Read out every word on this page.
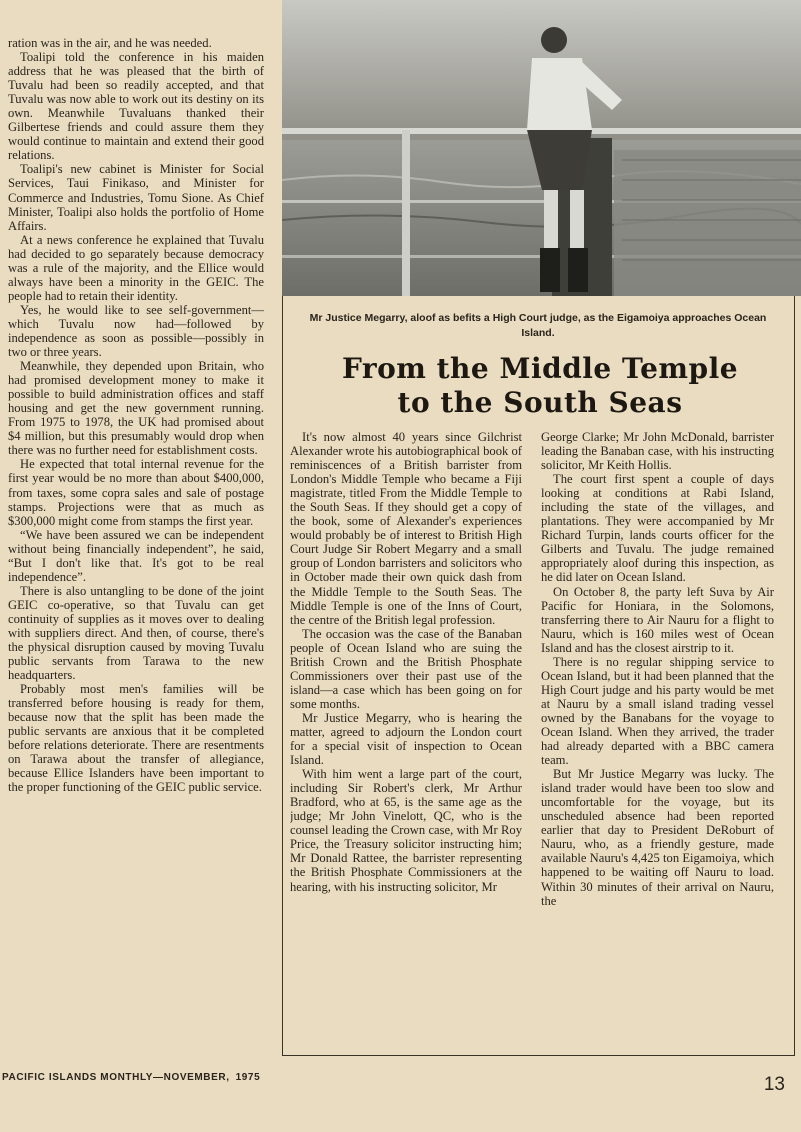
ration was in the air, and he was needed.

Toalipi told the conference in his maiden address that he was pleased that the birth of Tuvalu had been so readily accepted, and that Tuvalu was now able to work out its destiny on its own. Meanwhile Tuvaluans thanked their Gilbertese friends and could assure them they would continue to maintain and extend their good relations.

Toalipi's new cabinet is Minister for Social Services, Taui Finikaso, and Minister for Commerce and Industries, Tomu Sione. As Chief Minister, Toalipi also holds the portfolio of Home Affairs.

At a news conference he explained that Tuvalu had decided to go separately because democracy was a rule of the majority, and the Ellice would always have been a minority in the GEIC. The people had to retain their identity.

Yes, he would like to see self-government—which Tuvalu now had—followed by independence as soon as possible—possibly in two or three years.

Meanwhile, they depended upon Britain, who had promised development money to make it possible to build administration offices and staff housing and get the new government running. From 1975 to 1978, the UK had promised about $4 million, but this presumably would drop when there was no further need for establishment costs.

He expected that total internal revenue for the first year would be no more than about $400,000, from taxes, some copra sales and sale of postage stamps. Projections were that as much as $300,000 might come from stamps the first year.

“We have been assured we can be independent without being financially independent”, he said, “But I don't like that. It's got to be real independence”.

There is also untangling to be done of the joint GEIC co-operative, so that Tuvalu can get continuity of supplies as it moves over to dealing with suppliers direct. And then, of course, there's the physical disruption caused by moving Tuvalu public servants from Tarawa to the new headquarters.

Probably most men's families will be transferred before housing is ready for them, because now that the split has been made the public servants are anxious that it be completed before relations deteriorate. There are resentments on Tarawa about the transfer of allegiance, because Ellice Islanders have been important to the proper functioning of the GEIC public service.

Mr Justice Megarry, aloof as befits a High Court judge, as the Eigamoiya approaches Ocean Island.
From the Middle Temple
to the South Seas

It's now almost 40 years since Gilchrist Alexander wrote his autobiographical book of reminiscences of a British barrister from London's Middle Temple who became a Fiji magistrate, titled From the Middle Temple to the South Seas. If they should get a copy of the book, some of Alexander's experiences would probably be of interest to British High Court Judge Sir Robert Megarry and a small group of London barristers and solicitors who in October made their own quick dash from the Middle Temple to the South Seas. The Middle Temple is one of the Inns of Court, the centre of the British legal profession.

The occasion was the case of the Banaban people of Ocean Island who are suing the British Crown and the British Phosphate Commissioners over their past use of the island—a case which has been going on for some months.

Mr Justice Megarry, who is hearing the matter, agreed to adjourn the London court for a special visit of inspection to Ocean Island.

With him went a large part of the court, including Sir Robert's clerk, Mr Arthur Bradford, who at 65, is the same age as the judge; Mr John Vinelott, QC, who is the counsel leading the Crown case, with Mr Roy Price, the Treasury solicitor instructing him; Mr Donald Rattee, the barrister representing the British Phosphate Commissioners at the hearing, with his instructing solicitor, Mr

George Clarke; Mr John McDonald, barrister leading the Banaban case, with his instructing solicitor, Mr Keith Hollis.

The court first spent a couple of days looking at conditions at Rabi Island, including the state of the villages, and plantations. They were accompanied by Mr Richard Turpin, lands courts officer for the Gilberts and Tuvalu. The judge remained appropriately aloof during this inspection, as he did later on Ocean Island.

On October 8, the party left Suva by Air Pacific for Honiara, in the Solomons, transferring there to Air Nauru for a flight to Nauru, which is 160 miles west of Ocean Island and has the closest airstrip to it.

There is no regular shipping service to Ocean Island, but it had been planned that the High Court judge and his party would be met at Nauru by a small island trading vessel owned by the Banabans for the voyage to Ocean Island. When they arrived, the trader had already departed with a BBC camera team.

But Mr Justice Megarry was lucky. The island trader would have been too slow and uncomfortable for the voyage, but its unscheduled absence had been reported earlier that day to President DeRoburt of Nauru, who, as a friendly gesture, made available Nauru's 4,425 ton Eigamoiya, which happened to be waiting off Nauru to load. Within 30 minutes of their arrival on Nauru, the

PACIFIC ISLANDS MONTHLY—NOVEMBER, 1975	13
